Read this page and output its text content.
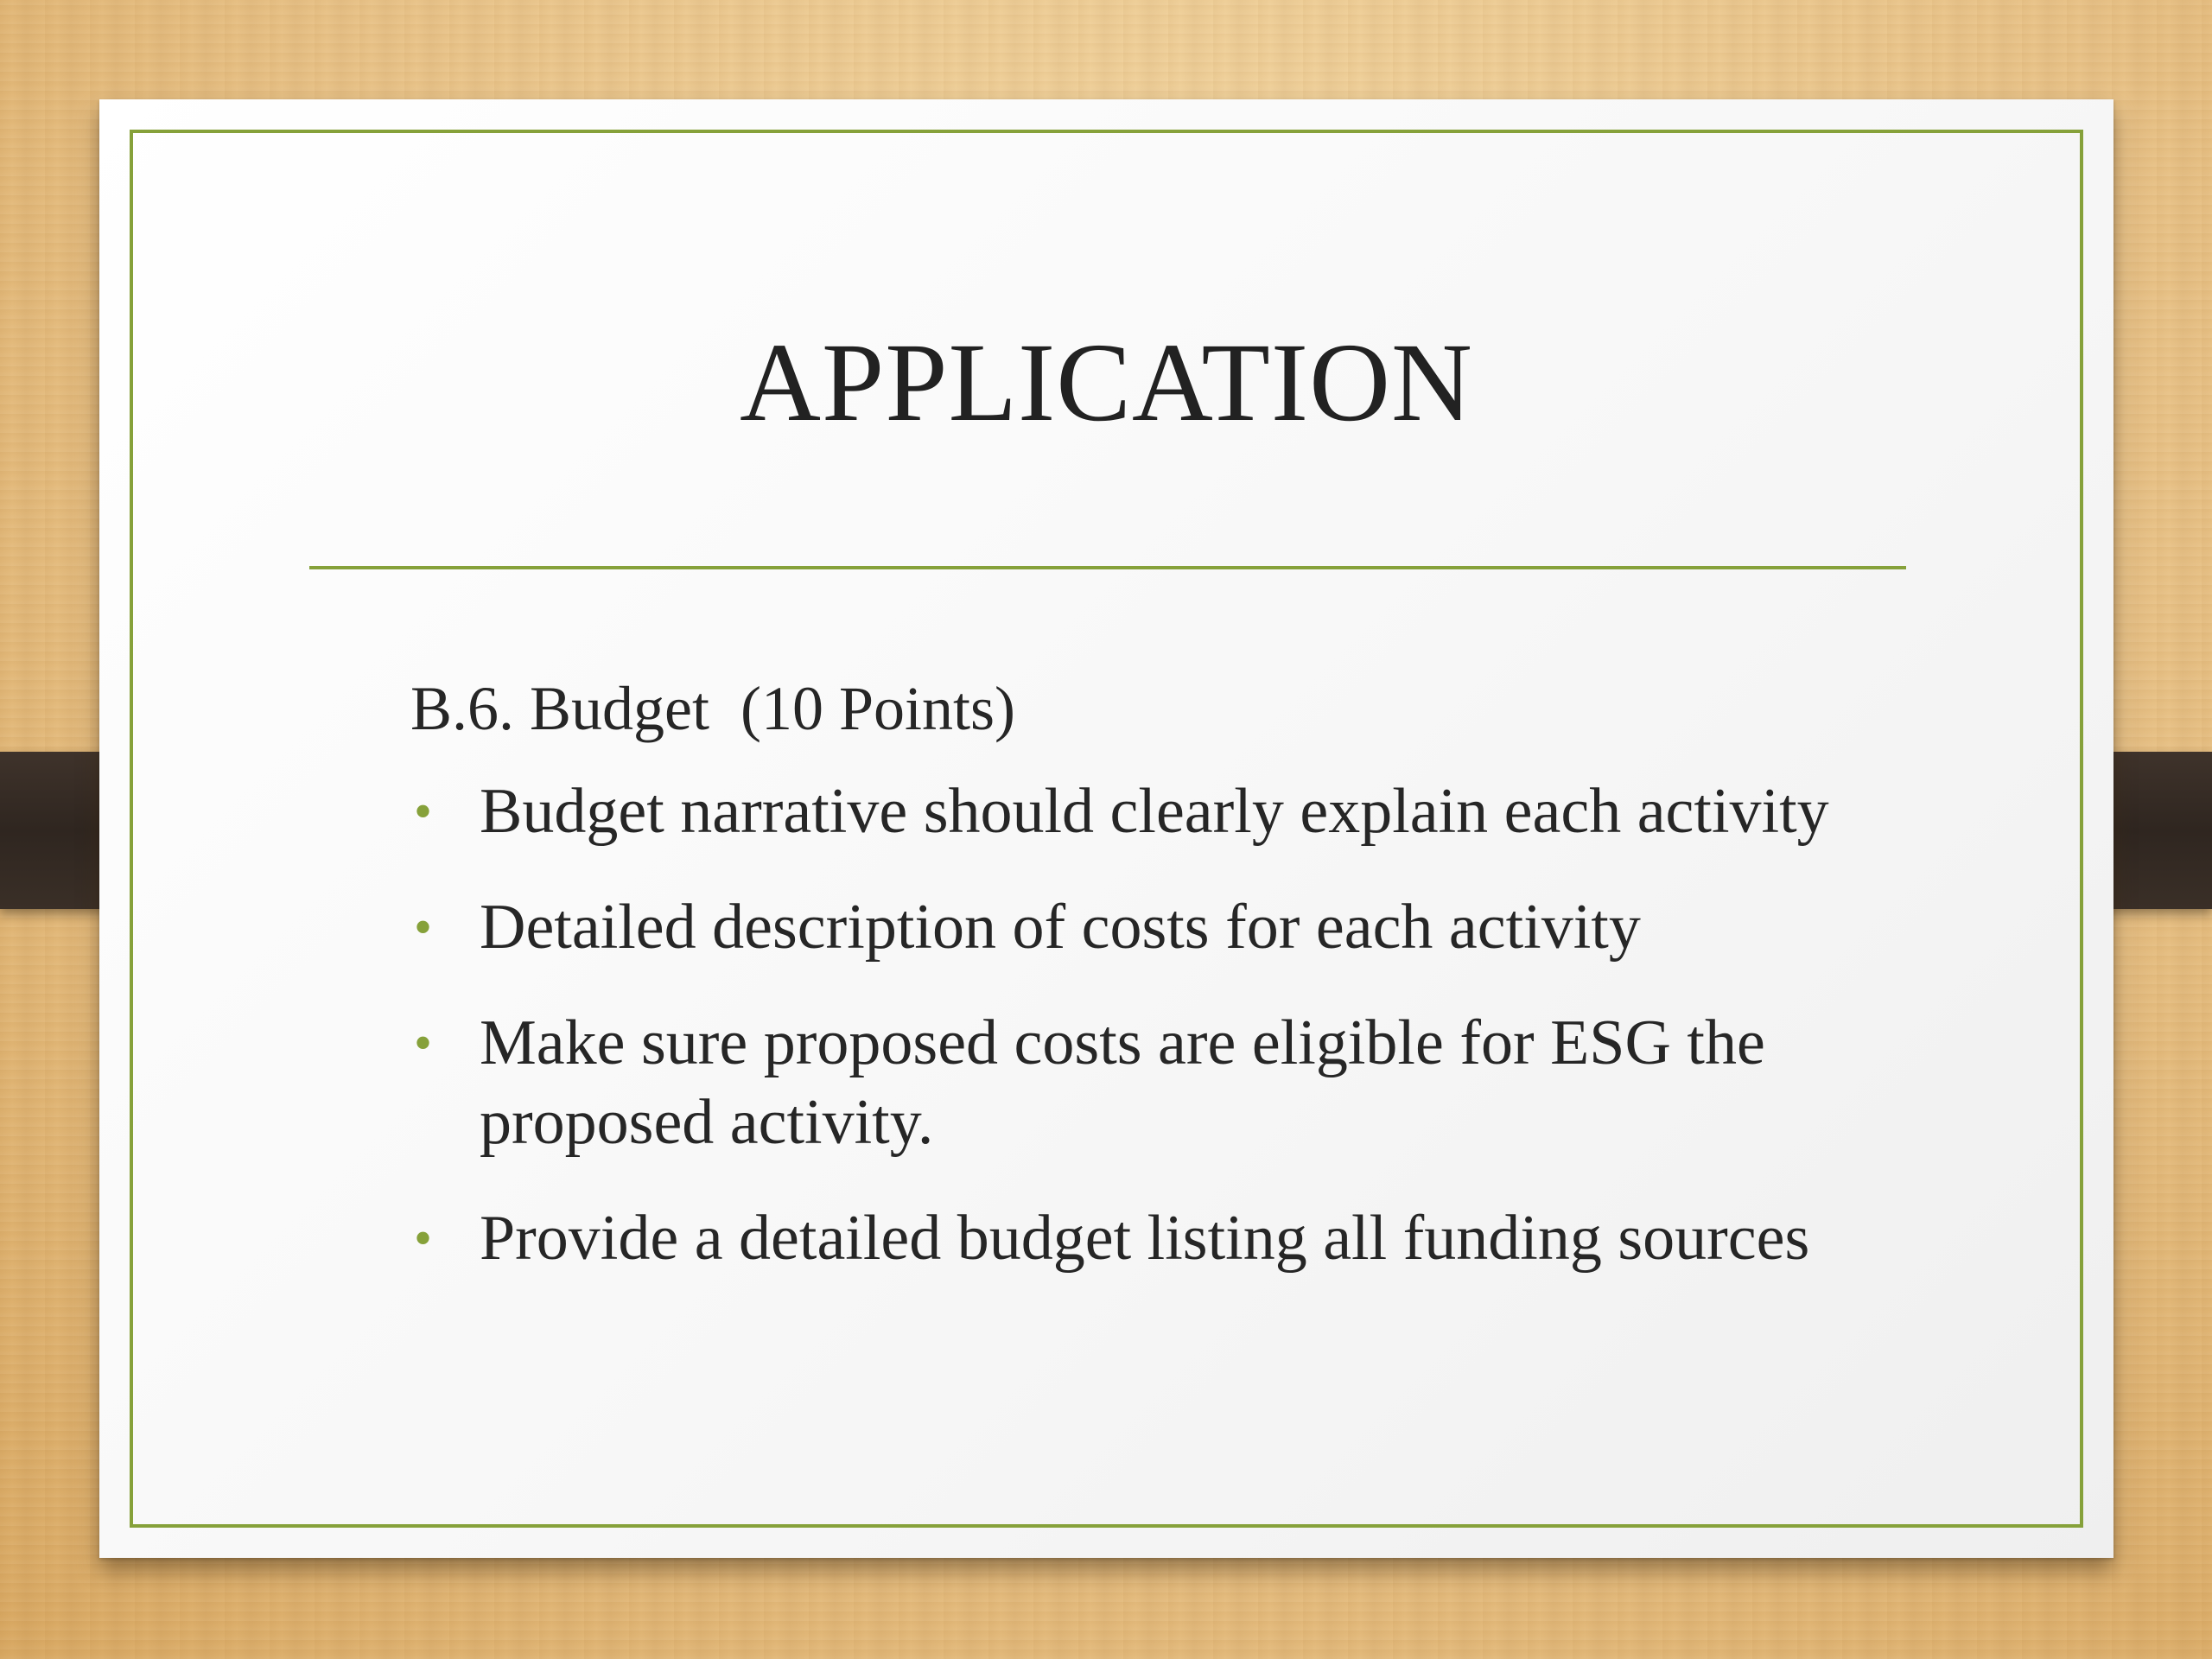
APPLICATION

B.6. Budget  (10 Points)

• Budget narrative should clearly explain each activity
• Detailed description of costs for each activity
• Make sure proposed costs are eligible for ESG the proposed activity.
• Provide a detailed budget listing all funding sources
